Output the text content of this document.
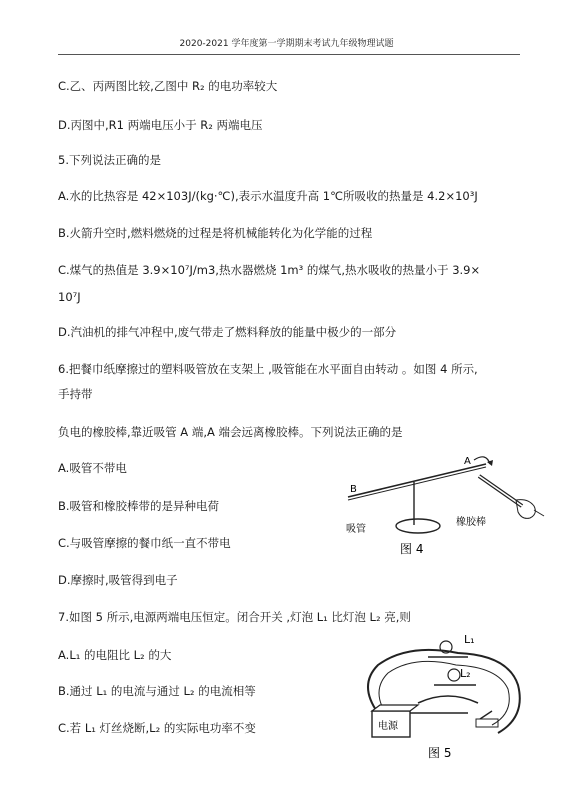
2020-2021 学年度第一学期期末考试九年级物理试题
C.乙、丙两图比较,乙图中 R₂ 的电功率较大
D.丙图中,R1 两端电压小于 R₂ 两端电压
5.下列说法正确的是
A.水的比热容是 42×103J/(kg·℃),表示水温度升高 1℃所吸收的热量是 4.2×10³J
B.火箭升空时,燃料燃烧的过程是将机械能转化为化学能的过程
C.煤气的热值是 3.9×10⁷J/m3,热水器燃烧 1m³ 的煤气,热水吸收的热量小于 3.9×
10⁷J
D.汽油机的排气冲程中,废气带走了燃料释放的能量中极少的一部分
6.把餐巾纸摩擦过的塑料吸管放在支架上 ,吸管能在水平面自由转动 。如图 4 所示,
手持带
负电的橡胶棒,靠近吸管 A 端,A 端会远离橡胶棒。下列说法正确的是
A.吸管不带电
B.吸管和橡胶棒带的是异种电荷
C.与吸管摩擦的餐巾纸一直不带电
D.摩擦时,吸管得到电子
7.如图 5 所示,电源两端电压恒定。闭合开关 ,灯泡 L₁ 比灯泡 L₂ 亮,则
A.L₁ 的电阻比 L₂ 的大
B.通过 L₁ 的电流与通过 L₂ 的电流相等
C.若 L₁ 灯丝烧断,L₂ 的实际电功率不变
B
A
吸管
橡胶棒
图 4
电源
L₁
L₂
图 5
